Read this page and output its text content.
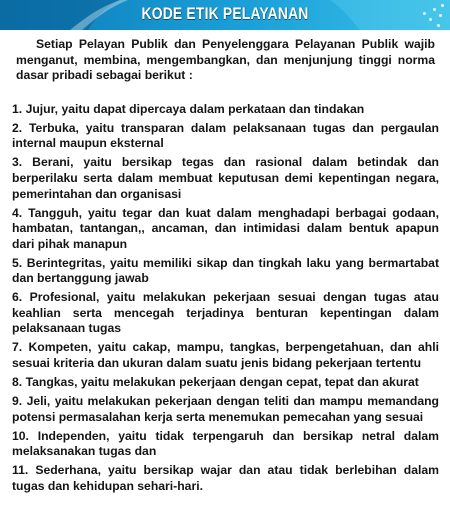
KODE ETIK PELAYANAN

Setiap Pelayan Publik dan Penyelenggara Pelayanan Publik wajib menganut, membina, mengembangkan, dan menjunjung tinggi norma dasar pribadi sebagai berikut :

1. Jujur, yaitu dapat dipercaya dalam perkataan dan tindakan
2. Terbuka, yaitu transparan dalam pelaksanaan tugas dan pergaulan internal maupun eksternal
3. Berani, yaitu bersikap tegas dan rasional dalam betindak dan berperilaku serta dalam membuat keputusan demi kepentingan negara, pemerintahan dan organisasi
4. Tangguh, yaitu tegar dan kuat dalam menghadapi berbagai godaan, hambatan, tantangan,, ancaman, dan intimidasi dalam bentuk apapun dari pihak manapun
5. Berintegritas, yaitu memiliki sikap dan tingkah laku yang bermartabat dan bertanggung jawab
6. Profesional, yaitu melakukan pekerjaan sesuai dengan tugas atau keahlian serta mencegah terjadinya benturan kepentingan dalam pelaksanaan tugas
7. Kompeten, yaitu cakap, mampu, tangkas, berpengetahuan, dan ahli sesuai kriteria dan ukuran dalam suatu jenis bidang pekerjaan tertentu
8. Tangkas, yaitu melakukan pekerjaan dengan cepat, tepat dan akurat
9. Jeli, yaitu melakukan pekerjaan dengan teliti dan mampu memandang potensi permasalahan kerja serta menemukan pemecahan yang sesuai
10. Independen, yaitu tidak terpengaruh dan bersikap netral dalam melaksanakan tugas dan
11. Sederhana, yaitu bersikap wajar dan atau tidak berlebihan dalam tugas dan kehidupan sehari-hari.
